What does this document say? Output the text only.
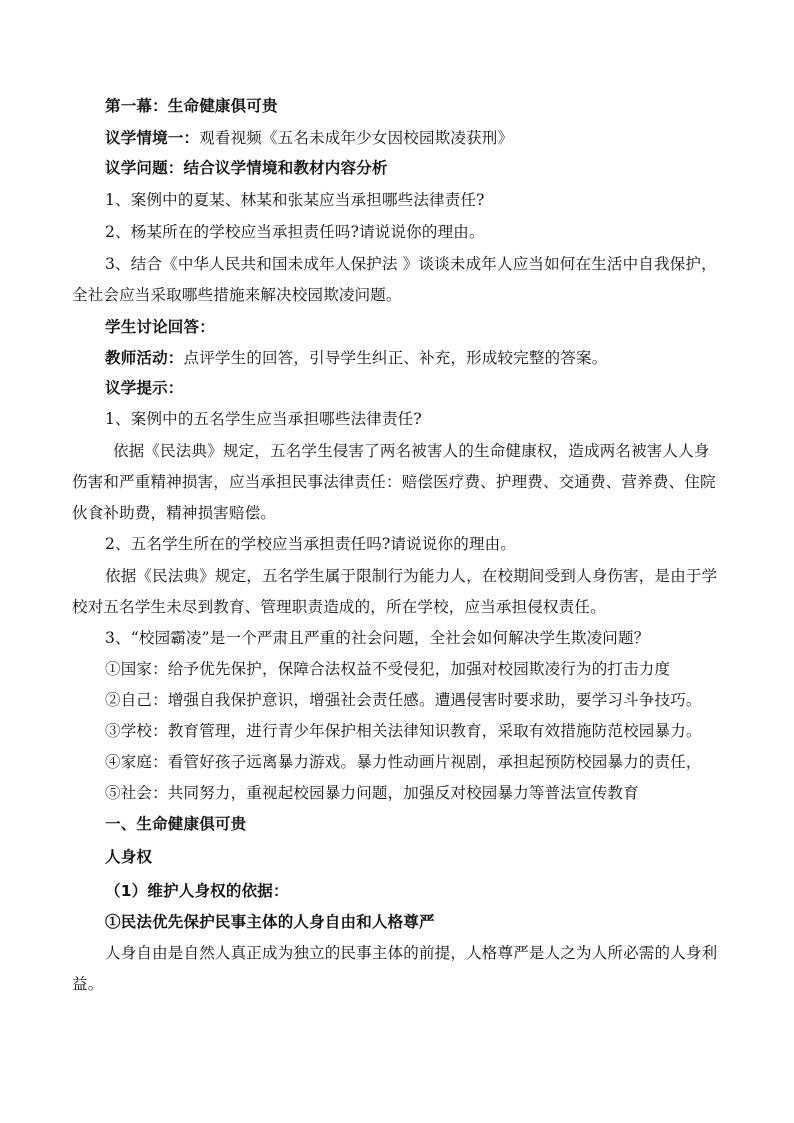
第一幕：生命健康俱可贵
议学情境一：观看视频《五名未成年少女因校园欺凌获刑》
议学问题：结合议学情境和教材内容分析
1、案例中的夏某、林某和张某应当承担哪些法律责任?
2、杨某所在的学校应当承担责任吗?请说说你的理由。
3、结合《中华人民共和国未成年人保护法 》谈谈未成年人应当如何在生活中自我保护，
全社会应当采取哪些措施来解决校园欺凌问题。
学生讨论回答：
教师活动：点评学生的回答，引导学生纠正、补充，形成较完整的答案。
议学提示：
1、案例中的五名学生应当承担哪些法律责任?
依据《民法典》规定，五名学生侵害了两名被害人的生命健康权，造成两名被害人人身
伤害和严重精神损害，应当承担民事法律责任：赔偿医疗费、护理费、交通费、营养费、住院
伙食补助费，精神损害赔偿。
2、五名学生所在的学校应当承担责任吗?请说说你的理由。
依据《民法典》规定，五名学生属于限制行为能力人，在校期间受到人身伤害，是由于学
校对五名学生未尽到教育、管理职责造成的，所在学校，应当承担侵权责任。
3、“校园霸凌”是一个严肃且严重的社会问题，全社会如何解决学生欺凌问题？
①国家：给予优先保护，保障合法权益不受侵犯，加强对校园欺凌行为的打击力度
②自己：增强自我保护意识，增强社会责任感。遭遇侵害时要求助，要学习斗争技巧。
③学校：教育管理，进行青少年保护相关法律知识教育，采取有效措施防范校园暴力。
④家庭：看管好孩子远离暴力游戏。暴力性动画片视剧，承担起预防校园暴力的责任，
⑤社会：共同努力，重视起校园暴力问题，加强反对校园暴力等普法宣传教育
一、生命健康俱可贵
人身权
（1）维护人身权的依据：
①民法优先保护民事主体的人身自由和人格尊严
人身自由是自然人真正成为独立的民事主体的前提，人格尊严是人之为人所必需的人身利
益。
